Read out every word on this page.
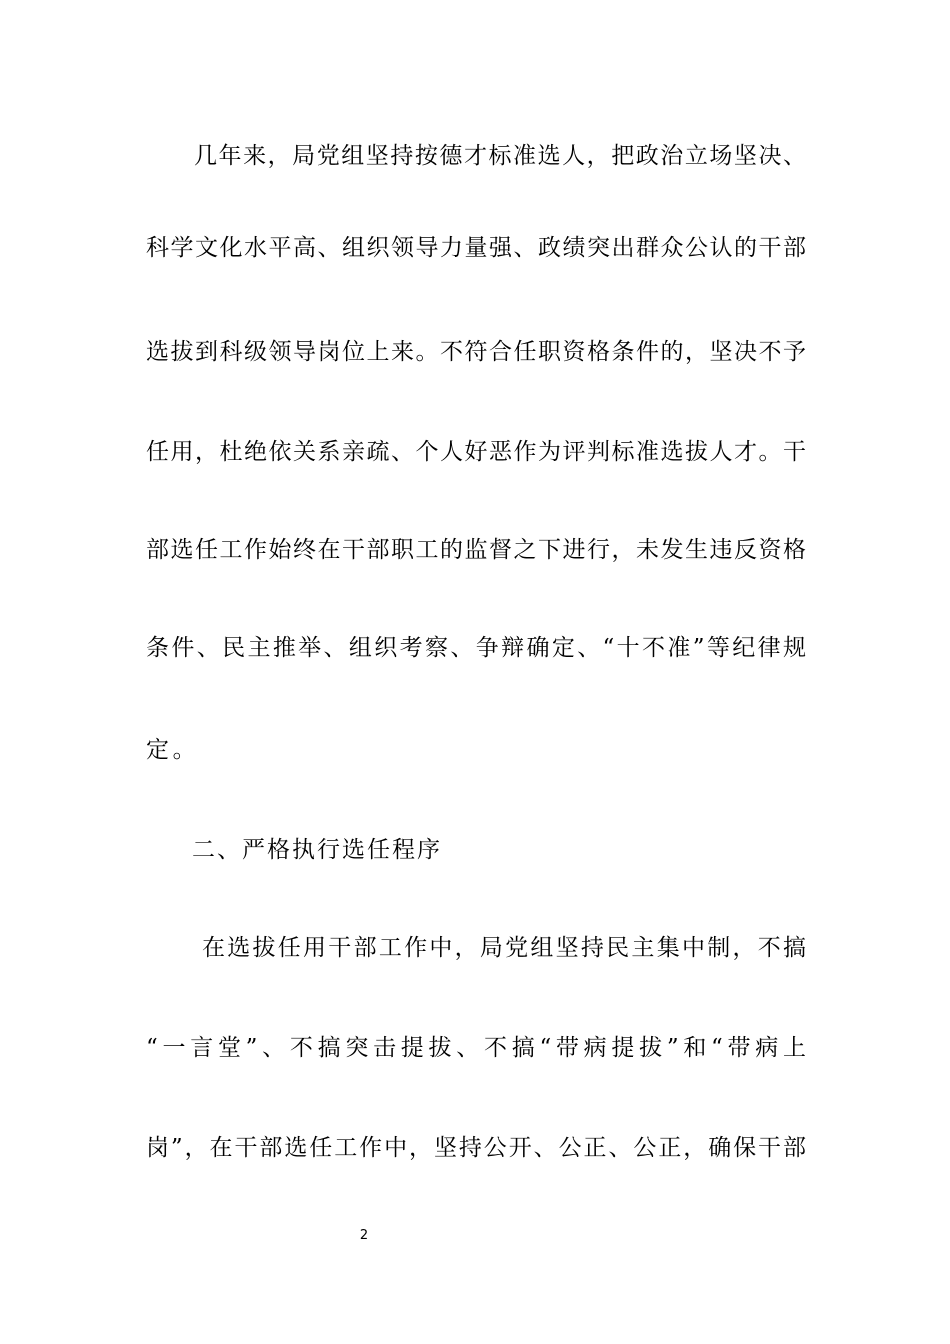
几年来，局党组坚持按德才标准选人，把政治立场坚决、
科学文化水平高、组织领导力量强、政绩突出群众公认的干部
选拔到科级领导岗位上来。不符合任职资格条件的，坚决不予
任用，杜绝依关系亲疏、个人好恶作为评判标准选拔人才。干
部选任工作始终在干部职工的监督之下进行，未发生违反资格
条件、民主推举、组织考察、争辩确定、“十不准”等纪律规
定。
二、严格执行选任程序
在选拔任用干部工作中，局党组坚持民主集中制，不搞
“一言堂”、不搞突击提拔、不搞“带病提拔”和“带病上
岗”，在干部选任工作中，坚持公开、公正、公正，确保干部
2
